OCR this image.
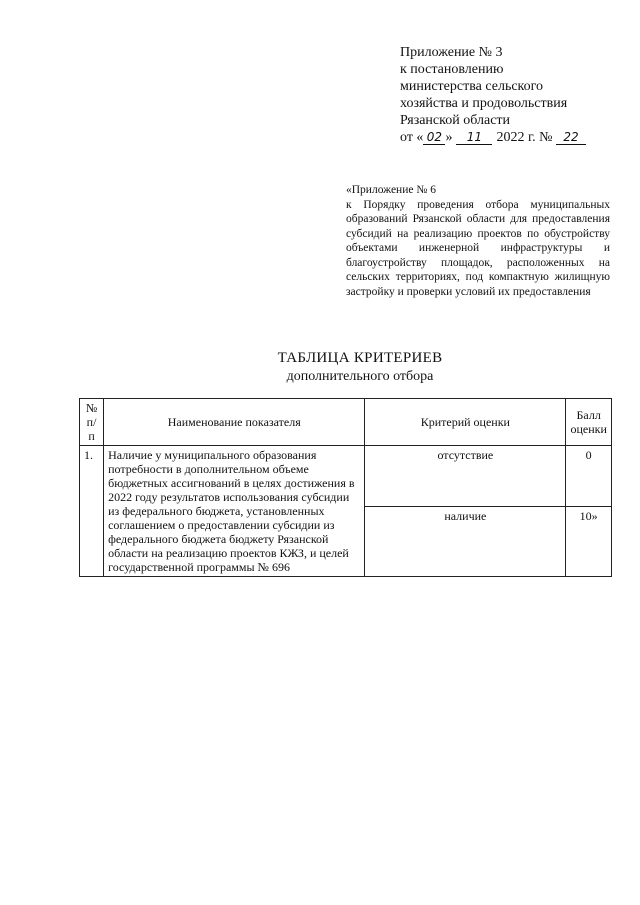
Приложение № 3
к постановлению
министерства сельского
хозяйства и продовольствия
Рязанской области
от « 02 » 11 2022 г. № 22
«Приложение № 6
к Порядку проведения отбора муниципальных образований Рязанской области для предоставления субсидий на реализацию проектов по обустройству объектами инженерной инфраструктуры и благоустройству площадок, расположенных на сельских территориях, под компактную жилищную застройку и проверки условий их предоставления
ТАБЛИЦА КРИТЕРИЕВ
дополнительного отбора
№ п/п	Наименование показателя	Критерий оценки	Балл оценки
1.	Наличие у муниципального образования потребности в дополнительном объеме бюджетных ассигнований в целях достижения в 2022 году результатов использования субсидии из федерального бюджета, установленных соглашением о предоставлении субсидии из федерального бюджета бюджету Рязанской области на реализацию проектов КЖЗ, и целей государственной программы № 696	отсутствие	0
		наличие	10»
